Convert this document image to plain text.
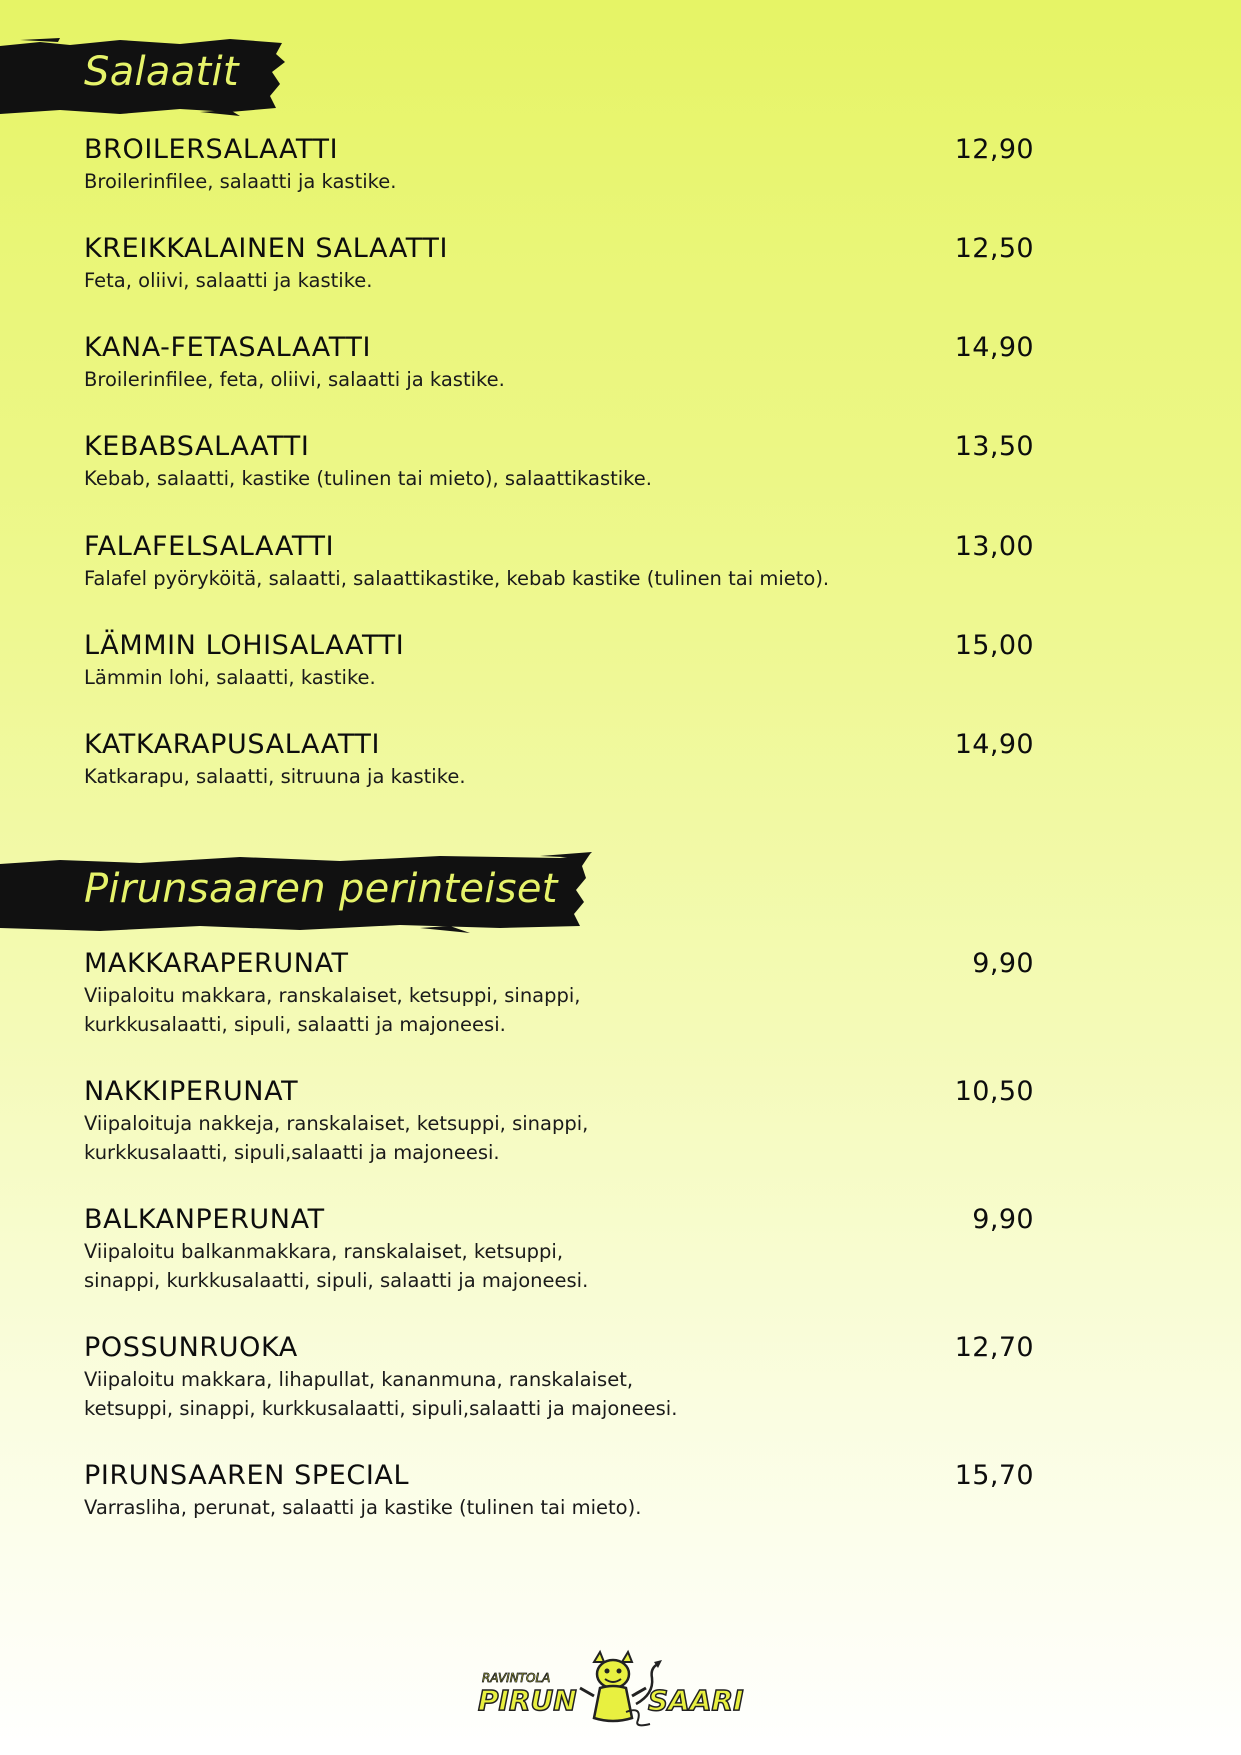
Salaatit
BROILERSALAATTI	12,90
Broilerinfilee, salaatti ja kastike.
KREIKKALAINEN SALAATTI	12,50
Feta, oliivi, salaatti ja kastike.
KANA-FETASALAATTI	14,90
Broilerinfilee, feta, oliivi, salaatti ja kastike.
KEBABSALAATTI	13,50
Kebab, salaatti, kastike (tulinen tai mieto), salaattikastike.
FALAFELSALAATTI	13,00
Falafel pyöryköitä, salaatti, salaattikastike, kebab kastike (tulinen tai mieto).
LÄMMIN LOHISALAATTI	15,00
Lämmin lohi, salaatti, kastike.
KATKARAPUSALAATTI	14,90
Katkarapu, salaatti, sitruuna ja kastike.
Pirunsaaren perinteiset
MAKKARAPERUNAT	9,90
Viipaloitu makkara, ranskalaiset, ketsuppi, sinappi,
kurkkusalaatti, sipuli, salaatti ja majoneesi.
NAKKIPERUNAT	10,50
Viipaloituja nakkeja, ranskalaiset, ketsuppi, sinappi,
kurkkusalaatti, sipuli,salaatti ja majoneesi.
BALKANPERUNAT	9,90
Viipaloitu balkanmakkara, ranskalaiset, ketsuppi,
sinappi, kurkkusalaatti, sipuli, salaatti ja majoneesi.
POSSUNRUOKA	12,70
Viipaloitu makkara, lihapullat, kananmuna, ranskalaiset,
ketsuppi, sinappi, kurkkusalaatti, sipuli,salaatti ja majoneesi.
PIRUNSAAREN SPECIAL	15,70
Varrasliha, perunat, salaatti ja kastike (tulinen tai mieto).
RAVINTOLA
PIRUN	SAARI
